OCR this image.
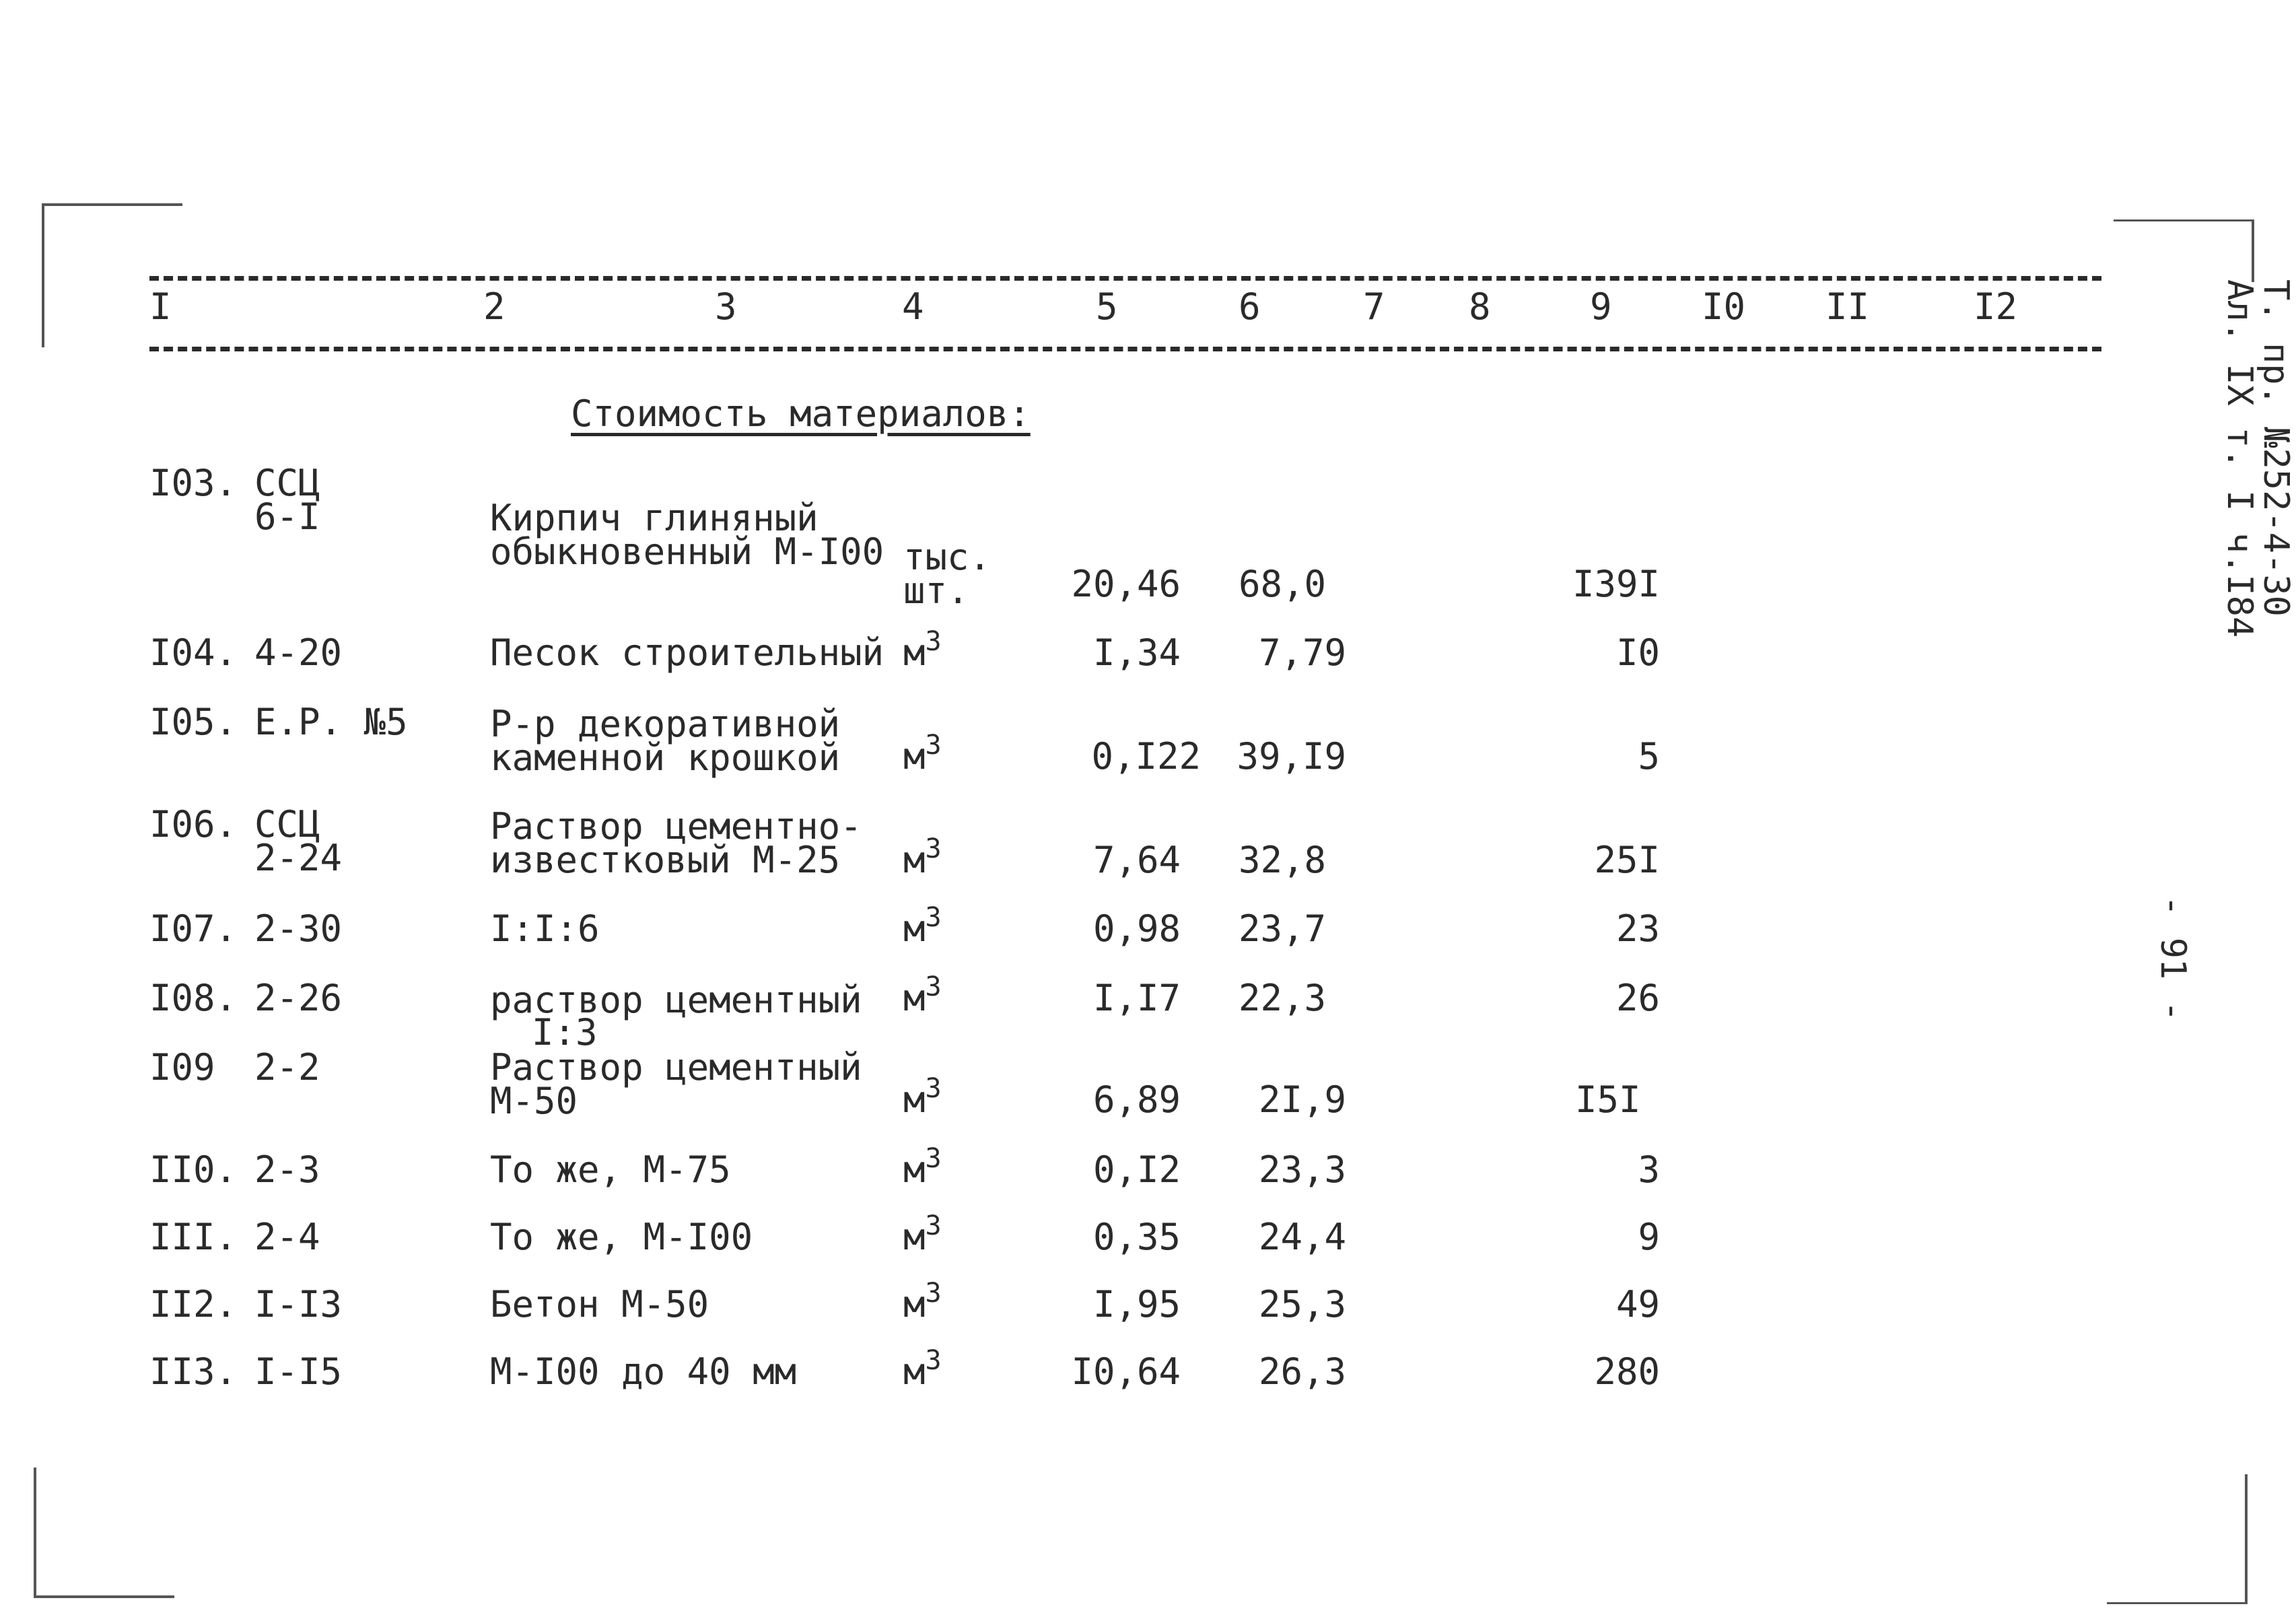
I	2	3	4	5	6	7 8	9 I0 II	I2
Стоимость материалов:
I03. ССЦ
6-I	Кирпич глиняный
обыкновенный М-I00 тыс.
шт.	20,46 68,0	I39I
I04. 4-20	Песок строительный $м^3$	I,34	7,79	I0
I05. Е.Р. №5 Р-р декоративной
каменной крошкой $м^3$	0,I22 39,I9	5
I06. ССЦ
2-24
Раствор цементно-
известковый М-25 $м^3$	7,64 32,8	25I
I07. 2-30	I:I:6	$м^3$	0,98 23,7	23
I08. 2-26	раствор цементный
I:3
$м^3$	I,I7 22,3	26
I09 2-2	Раствор цементный
М-50	$м^3$	6,89	2I,9	I5I
II0. 2-3	То же, М-75	$м^3$	0,I2	23,3	3
III. 2-4	То же, М-I00	$м^3$	0,35	24,4	9
II2. I-I3	Бетон М-50	$м^3$	I,95	25,3	49
II3. I-I5	М-I00 до 40 мм	$м^3$	I0,64	26,3	280
Т. пр. №252-4-30
Ал. IХ т. I ч.I84
- 91 -
